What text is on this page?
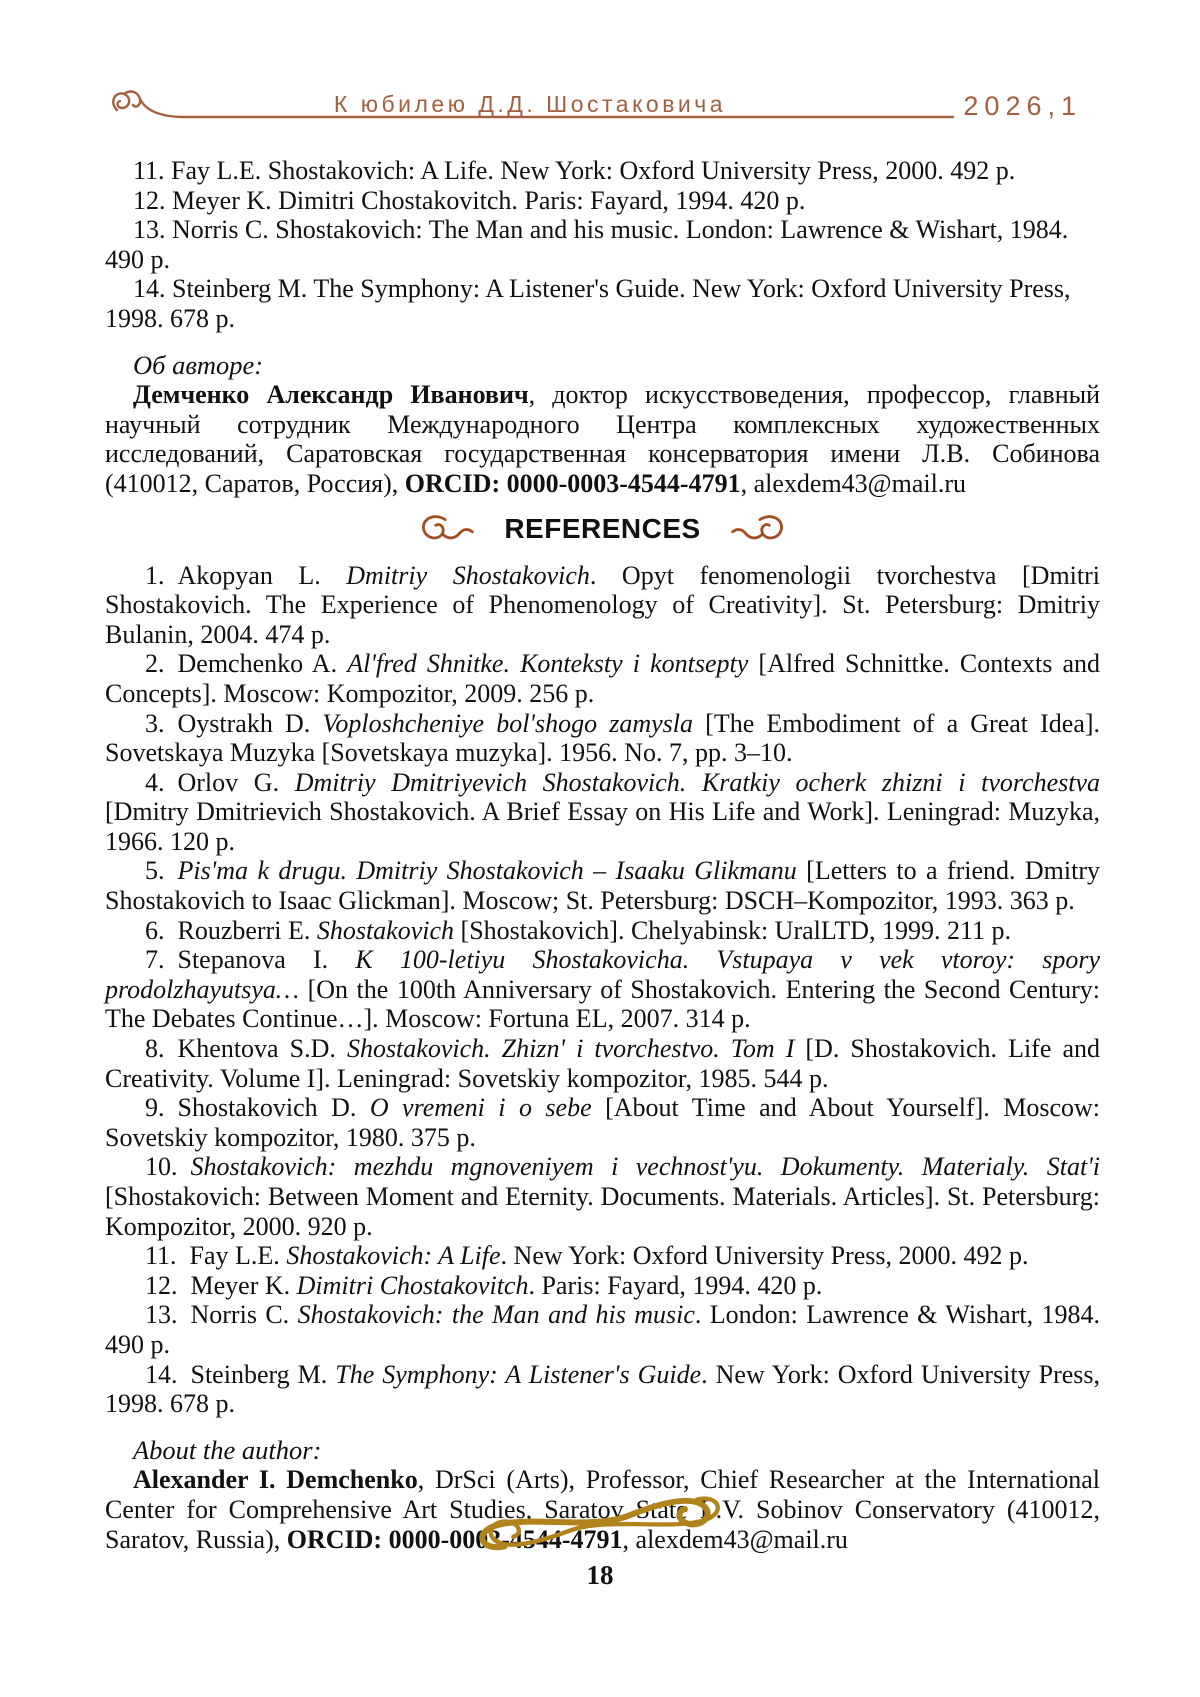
К юбилею Д.Д. Шостаковича	2026,1

11. Fay L.E. Shostakovich: A Life. New York: Oxford University Press, 2000. 492 p.

12. Meyer K. Dimitri Chostakovitch. Paris: Fayard, 1994. 420 p.

13. Norris C. Shostakovich: The Man and his music. London: Lawrence & Wishart, 1984. 490 p.

14. Steinberg M. The Symphony: A Listener's Guide. New York: Oxford University Press, 1998. 678 p.

Об авторе:

Демченко Александр Иванович, доктор искусствоведения, профессор, главный научный сотрудник Международного Центра комплексных художественных исследований, Саратовская государственная консерватория имени Л.В. Собинова (410012, Саратов, Россия), ORCID: 0000-0003-4544-4791, alexdem43@mail.ru

REFERENCES

1. Akopyan L. Dmitriy Shostakovich. Opyt fenomenologii tvorchestva [Dmitri Shostakovich. The Experience of Phenomenology of Creativity]. St. Petersburg: Dmitriy Bulanin, 2004. 474 p.

2. Demchenko A. Al'fred Shnitke. Konteksty i kontsepty [Alfred Schnittke. Contexts and Concepts]. Moscow: Kompozitor, 2009. 256 p.

3. Oystrakh D. Voploshcheniye bol'shogo zamysla [The Embodiment of a Great Idea]. Sovetskaya Muzyka [Sovetskaya muzyka]. 1956. No. 7, pp. 3–10.

4. Orlov G. Dmitriy Dmitriyevich Shostakovich. Kratkiy ocherk zhizni i tvorchestva [Dmitry Dmitrievich Shostakovich. A Brief Essay on His Life and Work]. Leningrad: Muzyka, 1966. 120 p.

5. Pis'ma k drugu. Dmitriy Shostakovich – Isaaku Glikmanu [Letters to a friend. Dmitry Shostakovich to Isaac Glickman]. Moscow; St. Petersburg: DSCH–Kompozitor, 1993. 363 p.

6. Rouzberri E. Shostakovich [Shostakovich]. Chelyabinsk: UralLTD, 1999. 211 p.

7. Stepanova I. K 100-letiyu Shostakovicha. Vstupaya v vek vtoroy: spory prodolzhayutsya… [On the 100th Anniversary of Shostakovich. Entering the Second Century: The Debates Continue…]. Moscow: Fortuna EL, 2007. 314 p.

8. Khentova S.D. Shostakovich. Zhizn' i tvorchestvo. Tom I [D. Shostakovich. Life and Creativity. Volume I]. Leningrad: Sovetskiy kompozitor, 1985. 544 p.

9. Shostakovich D. O vremeni i o sebe [About Time and About Yourself]. Moscow: Sovetskiy kompozitor, 1980. 375 p.

10. Shostakovich: mezhdu mgnoveniyem i vechnost'yu. Dokumenty. Materialy. Stat'i [Shostakovich: Between Moment and Eternity. Documents. Materials. Articles]. St. Petersburg: Kompozitor, 2000. 920 p.

11. Fay L.E. Shostakovich: A Life. New York: Oxford University Press, 2000. 492 p.

12. Meyer K. Dimitri Chostakovitch. Paris: Fayard, 1994. 420 p.

13. Norris C. Shostakovich: the Man and his music. London: Lawrence & Wishart, 1984. 490 p.

14. Steinberg M. The Symphony: A Listener's Guide. New York: Oxford University Press, 1998. 678 p.

About the author:

Alexander I. Demchenko, DrSci (Arts), Professor, Chief Researcher at the International Center for Comprehensive Art Studies, Saratov State L.V. Sobinov Conservatory (410012, Saratov, Russia), ORCID: 0000-0003-4544-4791, alexdem43@mail.ru

18
